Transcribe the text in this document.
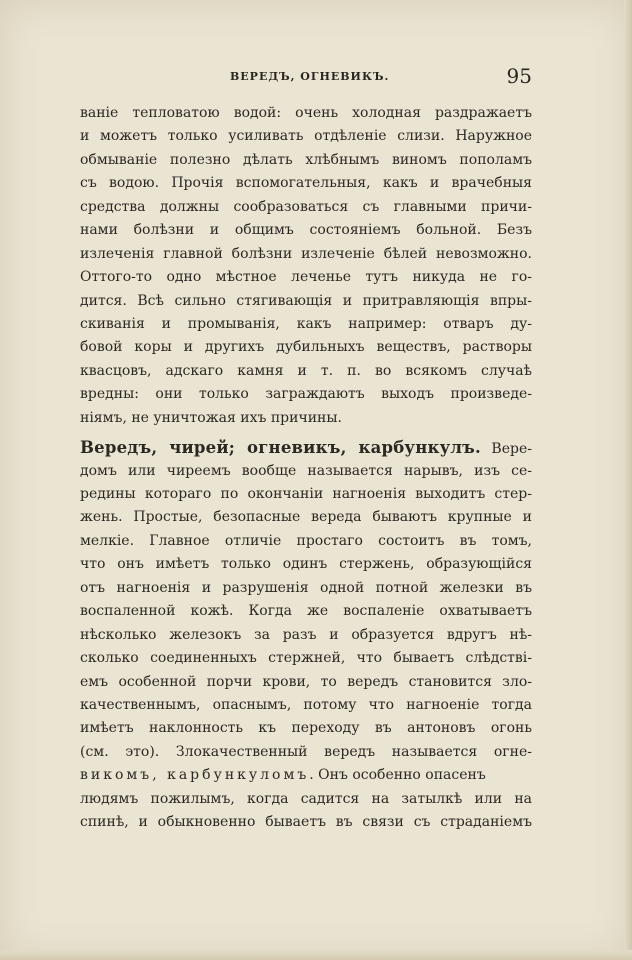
ВЕРЕДЪ, ОГНЕВИКЪ.	95
ваніе тепловатою водой: очень холодная раздражаетъ
и можетъ только усиливать отдѣленіе слизи. Наружное
обмываніе полезно дѣлать хлѣбнымъ виномъ пополамъ
съ водою. Прочія вспомогательныя, какъ и врачебныя
средства должны сообразоваться съ главными причи-
нами болѣзни и общимъ состояніемъ больной. Безъ
излеченія главной болѣзни излеченіе бѣлей невозможно.
Оттого-то одно мѣстное леченье тутъ никуда не го-
дится. Всѣ сильно стягивающія и притравляющія впры-
скиванія и промыванія, какъ например: отваръ ду-
бовой коры и другихъ дубильныхъ веществъ, растворы
квасцовъ, адскаго камня и т. п. во всякомъ случаѣ
вредны: они только заграждаютъ выходъ произведе-
ніямъ, не уничтожая ихъ причины.
Вередъ, чирей; огневикъ, карбункулъ. Вере-
домъ или чиреемъ вообще называется нарывъ, изъ се-
редины котораго по окончаніи нагноенія выходитъ стер-
жень. Простые, безопасные вереда бываютъ крупные и
мелкіе. Главное отличіе простаго состоитъ въ томъ,
что онъ имѣетъ только одинъ стержень, образующійся
отъ нагноенія и разрушенія одной потной железки въ
воспаленной кожѣ. Когда же воспаленіе охватываетъ
нѣсколько железокъ за разъ и образуется вдругъ нѣ-
сколько соединенныхъ стержней, что бываетъ слѣдстві-
емъ особенной порчи крови, то вередъ становится зло-
качественнымъ, опаснымъ, потому что нагноеніе тогда
имѣетъ наклонность къ переходу въ антоновъ огонь
(см. это). Злокачественный вередъ называется огне-
викомъ, карбункуломъ. Онъ особенно опасенъ
людямъ пожилымъ, когда садится на затылкѣ или на
спинѣ, и обыкновенно бываетъ въ связи съ страданіемъ
